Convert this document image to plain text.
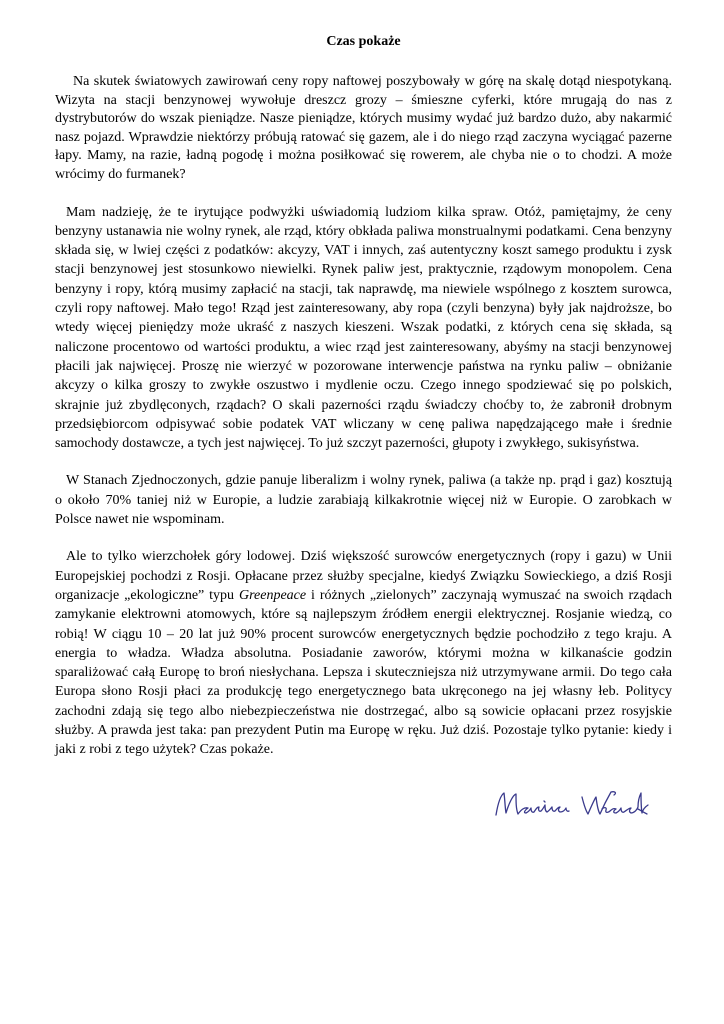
Czas pokaże

Na skutek światowych zawirowań ceny ropy naftowej poszybowały w górę na skalę dotąd niespotykaną. Wizyta na stacji benzynowej wywołuje dreszcz grozy – śmieszne cyferki, które mrugają do nas z dystrybutorów do wszak pieniądze. Nasze pieniądze, których musimy wydać już bardzo dużo, aby nakarmić nasz pojazd. Wprawdzie niektórzy próbują ratować się gazem, ale i do niego rząd zaczyna wyciągać pazerne łapy. Mamy, na razie, ładną pogodę i można posiłkować się rowerem, ale chyba nie o to chodzi. A może wrócimy do furmanek?

Mam nadzieję, że te irytujące podwyżki uświadomią ludziom kilka spraw. Otóż, pamiętajmy, że ceny benzyny ustanawia nie wolny rynek, ale rząd, który obkłada paliwa monstrualnymi podatkami. Cena benzyny składa się, w lwiej części z podatków: akcyzy, VAT i innych, zaś autentyczny koszt samego produktu i zysk stacji benzynowej jest stosunkowo niewielki. Rynek paliw jest, praktycznie, rządowym monopolem. Cena benzyny i ropy, którą musimy zapłacić na stacji, tak naprawdę, ma niewiele wspólnego z kosztem surowca, czyli ropy naftowej. Mało tego! Rząd jest zainteresowany, aby ropa (czyli benzyna) były jak najdroższe, bo wtedy więcej pieniędzy może ukraść z naszych kieszeni. Wszak podatki, z których cena się składa, są naliczone procentowo od wartości produktu, a wiec rząd jest zainteresowany, abyśmy na stacji benzynowej płacili jak najwięcej. Proszę nie wierzyć w pozorowane interwencje państwa na rynku paliw – obniżanie akcyzy o kilka groszy to zwykłe oszustwo i mydlenie oczu. Czego innego spodziewać się po polskich, skrajnie już zbydlęconych, rządach? O skali pazerności rządu świadczy choćby to, że zabronił drobnym przedsiębiorcom odpisywać sobie podatek VAT wliczany w cenę paliwa napędzającego małe i średnie samochody dostawcze, a tych jest najwięcej. To już szczyt pazerności, głupoty i zwykłego, sukisyństwa.

W Stanach Zjednoczonych, gdzie panuje liberalizm i wolny rynek, paliwa (a także np. prąd i gaz) kosztują o około 70% taniej niż w Europie, a ludzie zarabiają kilkakrotnie więcej niż w Europie. O zarobkach w Polsce nawet nie wspominam.

Ale to tylko wierzchołek góry lodowej. Dziś większość surowców energetycznych (ropy i gazu) w Unii Europejskiej pochodzi z Rosji. Opłacane przez służby specjalne, kiedyś Związku Sowieckiego, a dziś Rosji organizacje „ekologiczne” typu Greenpeace i różnych „zielonych” zaczynają wymuszać na swoich rządach zamykanie elektrowni atomowych, które są najlepszym źródłem energii elektrycznej. Rosjanie wiedzą, co robią! W ciągu 10 – 20 lat już 90% procent surowców energetycznych będzie pochodziło z tego kraju. A energia to władza. Władza absolutna. Posiadanie zaworów, którymi można w kilkanaście godzin sparaliżować całą Europę to broń niesłychana. Lepsza i skuteczniejsza niż utrzymywane armii. Do tego cała Europa słono Rosji płaci za produkcję tego energetycznego bata ukręconego na jej własny łeb. Politycy zachodni zdają się tego albo niebezpieczeństwa nie dostrzegać, albo są sowicie opłacani przez rosyjskie służby. A prawda jest taka: pan prezydent Putin ma Europę w ręku. Już dziś. Pozostaje tylko pytanie: kiedy i jaki z robi z tego użytek? Czas pokaże.
